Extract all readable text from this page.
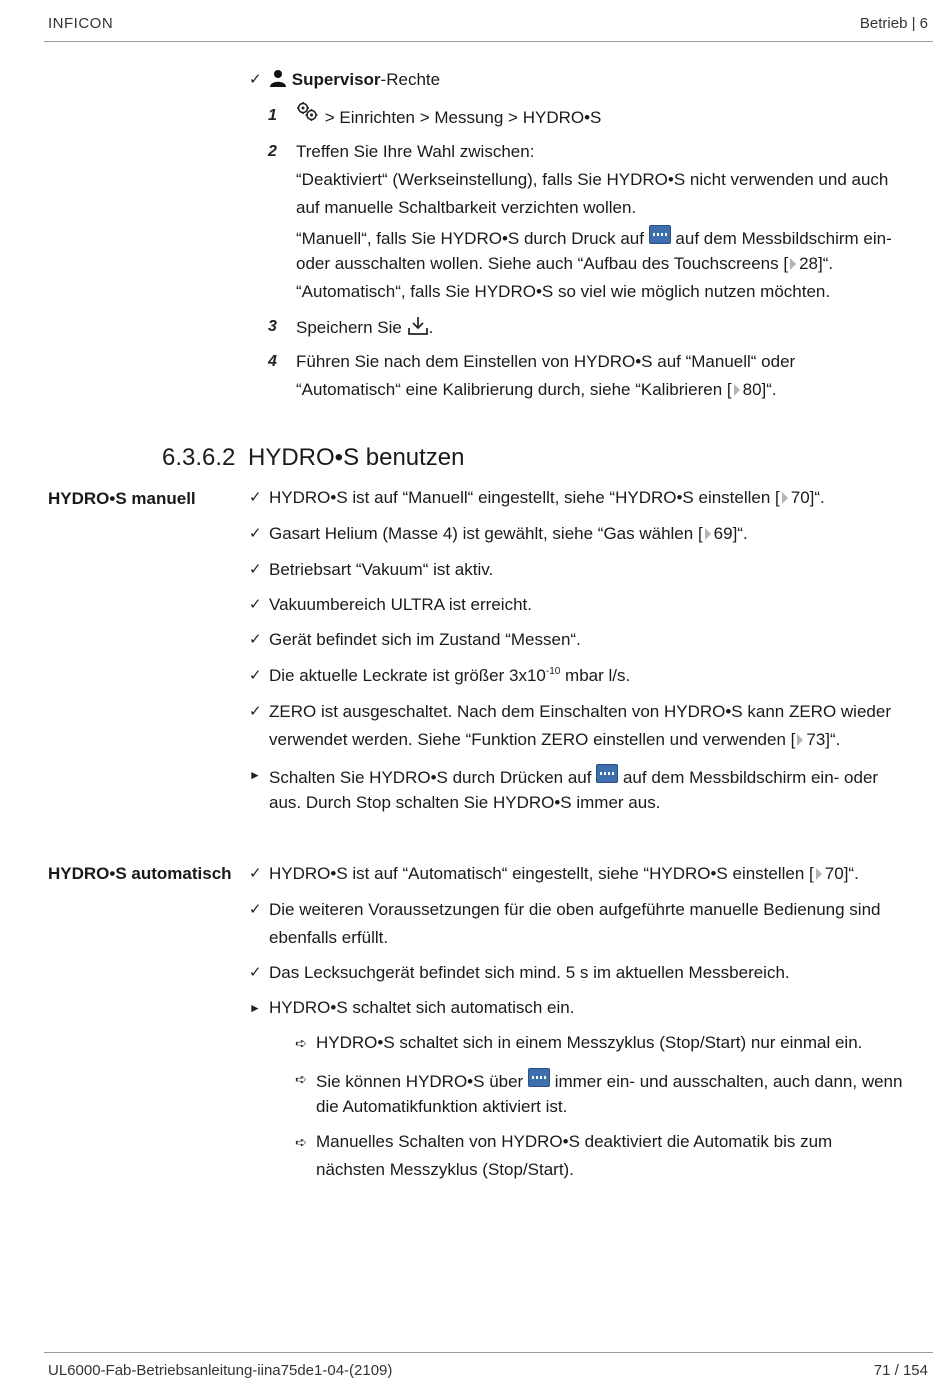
INFICON	Betrieb | 6
✓	Supervisor-Rechte
1	> Einrichten > Messung > HYDRO•S
2 Treffen Sie Ihre Wahl zwischen:
“Deaktiviert“ (Werkseinstellung), falls Sie HYDRO•S nicht verwenden und auch
auf manuelle Schaltbarkeit verzichten wollen.
“Manuell“, falls Sie HYDRO•S durch Druck auf auf dem Messbildschirm ein-
oder ausschalten wollen. Siehe auch “Aufbau des Touchscreens [ 28]“.
“Automatisch“, falls Sie HYDRO•S so viel wie möglich nutzen möchten.
3 Speichern Sie .
4 Führen Sie nach dem Einstellen von HYDRO•S auf “Manuell“ oder
“Automatisch“ eine Kalibrierung durch, siehe “Kalibrieren [ 80]“.
6.3.6.2 HYDRO•S benutzen
HYDRO•S manuell	✓ HYDRO•S ist auf “Manuell“ eingestellt, siehe “HYDRO•S einstellen [ 70]“.
✓ Gasart Helium (Masse 4) ist gewählt, siehe “Gas wählen [ 69]“.
✓ Betriebsart “Vakuum“ ist aktiv.
✓ Vakuumbereich ULTRA ist erreicht.
✓ Gerät befindet sich im Zustand “Messen“.
✓ Die aktuelle Leckrate ist größer $3x10^{-10}$ mbar l/s.
✓ ZERO ist ausgeschaltet. Nach dem Einschalten von HYDRO•S kann ZERO wieder
verwendet werden. Siehe “Funktion ZERO einstellen und verwenden [ 73]“.
► Schalten Sie HYDRO•S durch Drücken auf auf dem Messbildschirm ein- oder
aus. Durch Stop schalten Sie HYDRO•S immer aus.
HYDRO•S automatisch ✓ HYDRO•S ist auf “Automatisch“ eingestellt, siehe “HYDRO•S einstellen [ 70]“.
✓ Die weiteren Voraussetzungen für die oben aufgeführte manuelle Bedienung sind
ebenfalls erfüllt.
✓ Das Lecksuchgerät befindet sich mind. 5 s im aktuellen Messbereich.
► HYDRO•S schaltet sich automatisch ein.
➪ HYDRO•S schaltet sich in einem Messzyklus (Stop/Start) nur einmal ein.
➪ Sie können HYDRO•S über immer ein- und ausschalten, auch dann, wenn
die Automatikfunktion aktiviert ist.
➪ Manuelles Schalten von HYDRO•S deaktiviert die Automatik bis zum
nächsten Messzyklus (Stop/Start).
UL6000-Fab-Betriebsanleitung-iina75de1-04-(2109)	71 / 154
